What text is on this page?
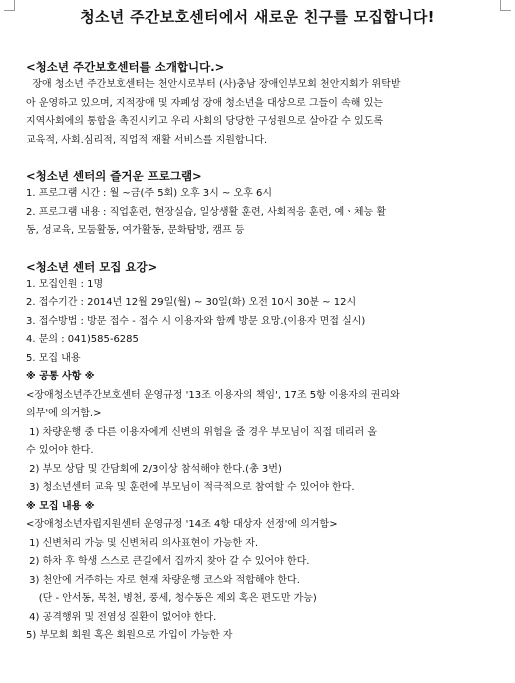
청소년 주간보호센터에서 새로운 친구를 모집합니다!
<청소년 주간보호센터를 소개합니다.>
장애 청소년 주간보호센터는 천안시로부터 (사)충남 장애인부모회 천안지회가 위탁받
아 운영하고 있으며, 지적장애 및 자폐성 장애 청소년을 대상으로 그들이 속해 있는
지역사회에의 통합을 촉진시키고 우리 사회의 당당한 구성원으로 살아갈 수 있도록
교육적, 사회.심리적, 직업적 재활 서비스를 지원합니다.
<청소년 센터의 즐거운 프로그램>
1. 프로그램 시간 : 월 ~금(주 5회) 오후 3시 ~ 오후 6시
2. 프로그램 내용 : 직업훈련, 현장실습, 일상생활 훈련, 사회적응 훈련, 예ㆍ체능 활
동, 성교육, 모둠활동, 여가활동, 문화탐방, 캠프 등
<청소년 센터 모집 요강>
1. 모집인원 : 1명
2. 접수기간 : 2014년 12월 29일(월) ~ 30일(화) 오전 10시 30분 ~ 12시
3. 접수방법 : 방문 접수 - 접수 시 이용자와 함께 방문 요망.(이용자 면접 실시)
4. 문의 : 041)585-6285
5. 모집 내용
※ 공통 사항 ※
<장애청소년주간보호센터 운영규정 '13조 이용자의 책임', 17조 5항 이용자의 권리와
의무'에 의거함.>
1) 차량운행 중 다른 이용자에게 신변의 위험을 줄 경우 부모님이 직접 데리러 올
수 있어야 한다.
2) 부모 상담 및 간담회에 2/3이상 참석해야 한다.(총 3번)
3) 청소년센터 교육 및 훈련에 부모님이 적극적으로 참여할 수 있어야 한다.
※ 모집 내용 ※
<장애청소년자립지원센터 운영규정 '14조 4항 대상자 선정'에 의거함>
1) 신변처리 가능 및 신변처리 의사표현이 가능한 자.
2) 하차 후 학생 스스로 큰길에서 집까지 찾아 갈 수 있어야 한다.
3) 천안에 거주하는 자로 현재 차량운행 코스와 적합해야 한다.
(단 - 안서동, 목천, 병천, 풍세, 청수동은 제외 혹은 편도만 가능)
4) 공격행위 및 전염성 질환이 없어야 한다.
5) 부모회 회원 혹은 회원으로 가입이 가능한 자
